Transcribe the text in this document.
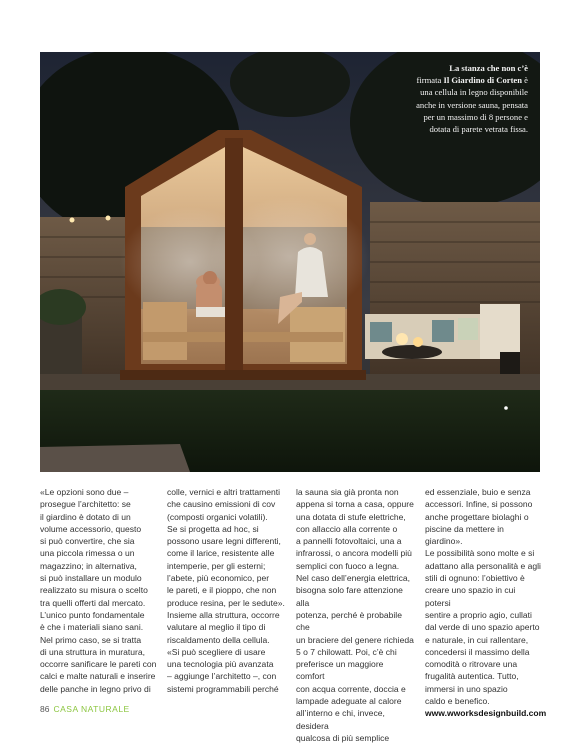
La stanza che non c’è
firmata Il Giardino di Corten è una cellula in legno disponibile anche in versione sauna, pensata per un massimo di 8 persone e dotata di parete vetrata fissa.

«Le opzioni sono due –
prosegue l’architetto: se
il giardino è dotato di un
volume accessorio, questo
si può convertire, che sia
una piccola rimessa o un
magazzino; in alternativa,
si può installare un modulo
realizzato su misura o scelto
tra quelli offerti dal mercato.
L’unico punto fondamentale
è che i materiali siano sani.
Nel primo caso, se si tratta
di una struttura in muratura,
occorre sanificare le pareti con
calci e malte naturali e inserire
delle panche in legno privo di

colle, vernici e altri trattamenti
che causino emissioni di cov
(composti organici volatili).
Se si progetta ad hoc, si
possono usare legni differenti,
come il larice, resistente alle
intemperie, per gli esterni;
l’abete, più economico, per
le pareti, e il pioppo, che non
produce resina, per le sedute».
Insieme alla struttura, occorre
valutare al meglio il tipo di
riscaldamento della cellula.
«Si può scegliere di usare
una tecnologia più avanzata
– aggiunge l’architetto –, con
sistemi programmabili perché

la sauna sia già pronta non
appena si torna a casa, oppure
una dotata di stufe elettriche,
con allaccio alla corrente o
a pannelli fotovoltaici, una a
infrarossi, o ancora modelli più
semplici con fuoco a legna.
Nel caso dell’energia elettrica,
bisogna solo fare attenzione alla
potenza, perché è probabile che
un braciere del genere richieda
5 o 7 chilowatt. Poi, c’è chi
preferisce un maggiore comfort
con acqua corrente, doccia e
lampade adeguate al calore
all’interno e chi, invece, desidera
qualcosa di più semplice

ed essenziale, buio e senza
accessori. Infine, si possono
anche progettare biolaghi o
piscine da mettere in giardino».
Le possibilità sono molte e si
adattano alla personalità e agli
stili di ognuno: l’obiettivo è
creare uno spazio in cui potersi
sentire a proprio agio, cullati
dal verde di uno spazio aperto
e naturale, in cui rallentare,
concedersi il massimo della
comodità o ritrovare una
frugalità autentica. Tutto,
immersi in uno spazio
caldo e benefico.

www.wworksdesignbuild.com

86 CASA NATURALE
